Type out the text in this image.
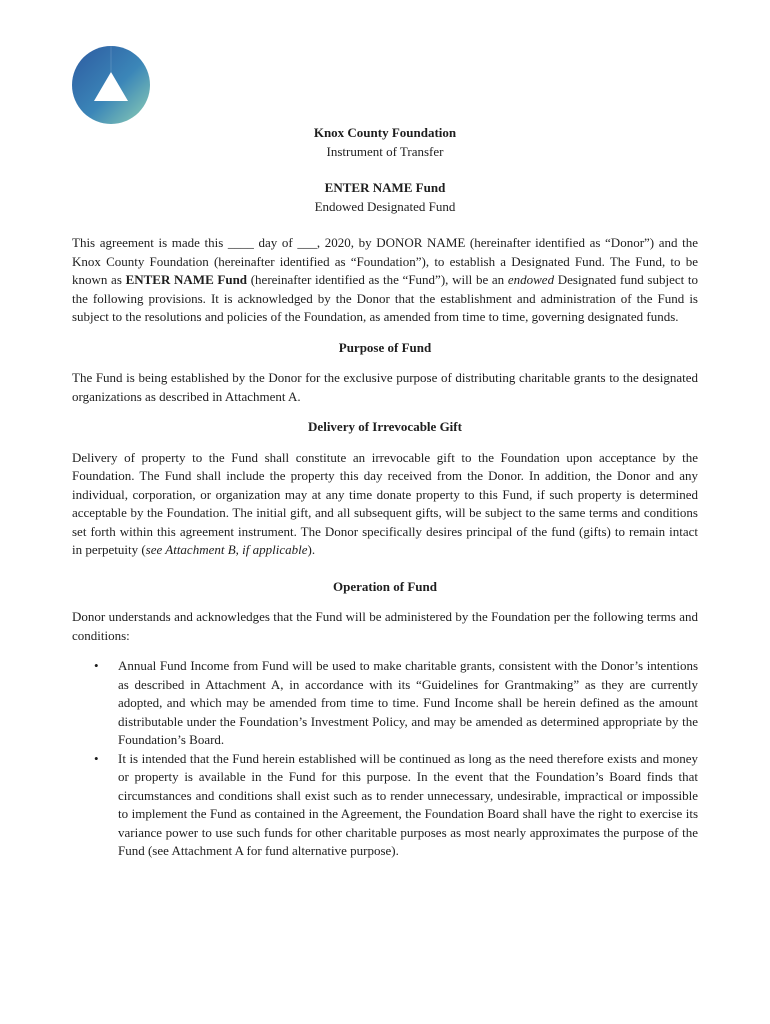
Knox County Foundation

Instrument of Transfer

ENTER NAME Fund

Endowed Designated Fund

This agreement is made this ____ day of ___, 2020, by DONOR NAME (hereinafter identified as “Donor”) and the Knox County Foundation (hereinafter identified as “Foundation”), to establish a Designated Fund. The Fund, to be known as ENTER NAME Fund (hereinafter identified as the “Fund”), will be an endowed Designated fund subject to the following provisions. It is acknowledged by the Donor that the establishment and administration of the Fund is subject to the resolutions and policies of the Foundation, as amended from time to time, governing designated funds.

Purpose of Fund

The Fund is being established by the Donor for the exclusive purpose of distributing charitable grants to the designated organizations as described in Attachment A.

Delivery of Irrevocable Gift

Delivery of property to the Fund shall constitute an irrevocable gift to the Foundation upon acceptance by the Foundation. The Fund shall include the property this day received from the Donor. In addition, the Donor and any individual, corporation, or organization may at any time donate property to this Fund, if such property is determined acceptable by the Foundation. The initial gift, and all subsequent gifts, will be subject to the same terms and conditions set forth within this agreement instrument. The Donor specifically desires principal of the fund (gifts) to remain intact in perpetuity (see Attachment B, if applicable).

Operation of Fund

Donor understands and acknowledges that the Fund will be administered by the Foundation per the following terms and conditions:

• Annual Fund Income from Fund will be used to make charitable grants, consistent with the Donor’s intentions as described in Attachment A, in accordance with its “Guidelines for Grantmaking” as they are currently adopted, and which may be amended from time to time. Fund Income shall be herein defined as the amount distributable under the Foundation’s Investment Policy, and may be amended as determined appropriate by the Foundation’s Board.
• It is intended that the Fund herein established will be continued as long as the need therefore exists and money or property is available in the Fund for this purpose. In the event that the Foundation’s Board finds that circumstances and conditions shall exist such as to render unnecessary, undesirable, impractical or impossible to implement the Fund as contained in the Agreement, the Foundation Board shall have the right to exercise its variance power to use such funds for other charitable purposes as most nearly approximates the purpose of the Fund (see Attachment A for fund alternative purpose).
